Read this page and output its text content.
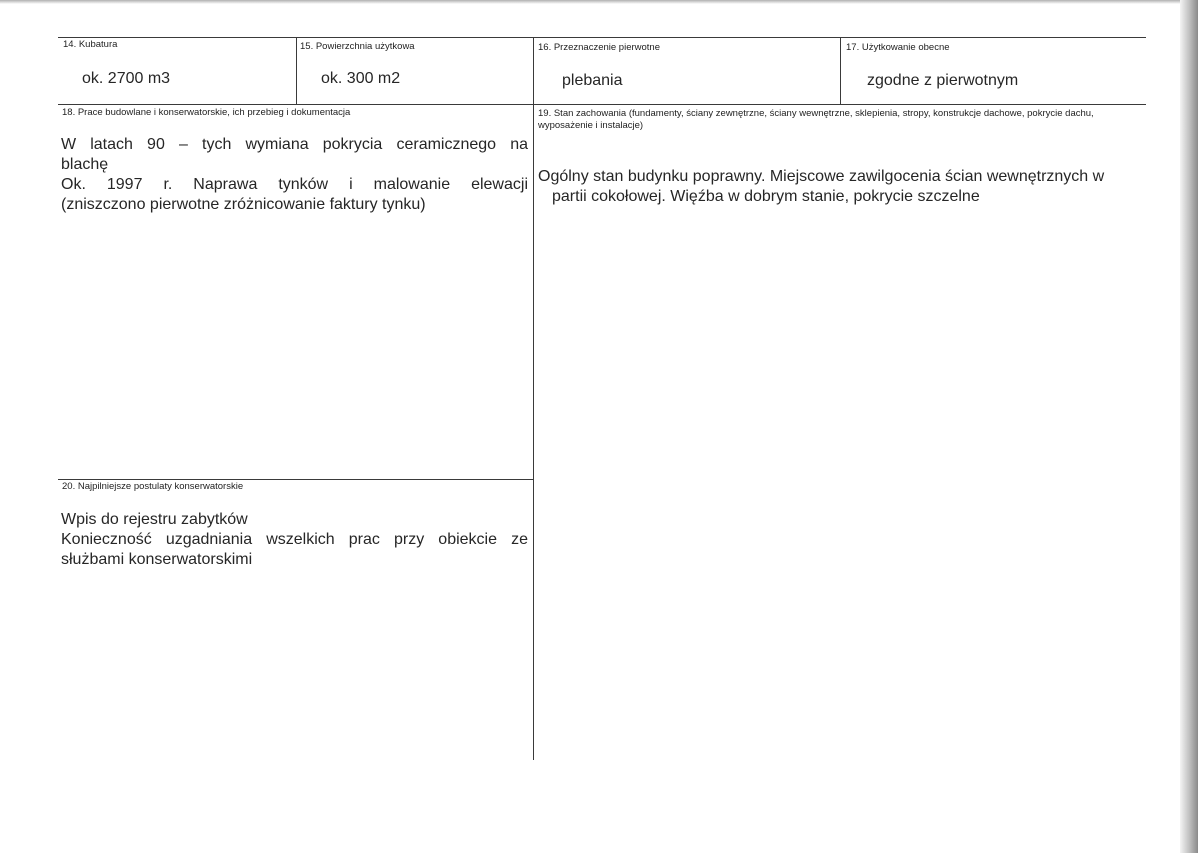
14. Kubatura
ok. 2700 m3
15. Powierzchnia użytkowa
ok. 300 m2
16. Przeznaczenie pierwotne
plebania
17. Użytkowanie obecne
zgodne z pierwotnym
18. Prace budowlane i konserwatorskie, ich przebieg i dokumentacja

W latach 90 – tych wymiana pokrycia ceramicznego na

blachę

Ok. 1997 r. Naprawa tynków i malowanie elewacji

(zniszczono pierwotne zróżnicowanie faktury tynku)

19. Stan zachowania (fundamenty, ściany zewnętrzne, ściany wewnętrzne, sklepienia, stropy, konstrukcje dachowe, pokrycie dachu, wyposażenie i instalacje)

Ogólny stan budynku poprawny. Miejscowe zawilgocenia ścian wewnętrznych w

partii cokołowej. Więźba w dobrym stanie, pokrycie szczelne

20. Najpilniejsze postulaty konserwatorskie

Wpis do rejestru zabytków

Konieczność uzgadniania wszelkich prac przy obiekcie ze

służbami konserwatorskimi
